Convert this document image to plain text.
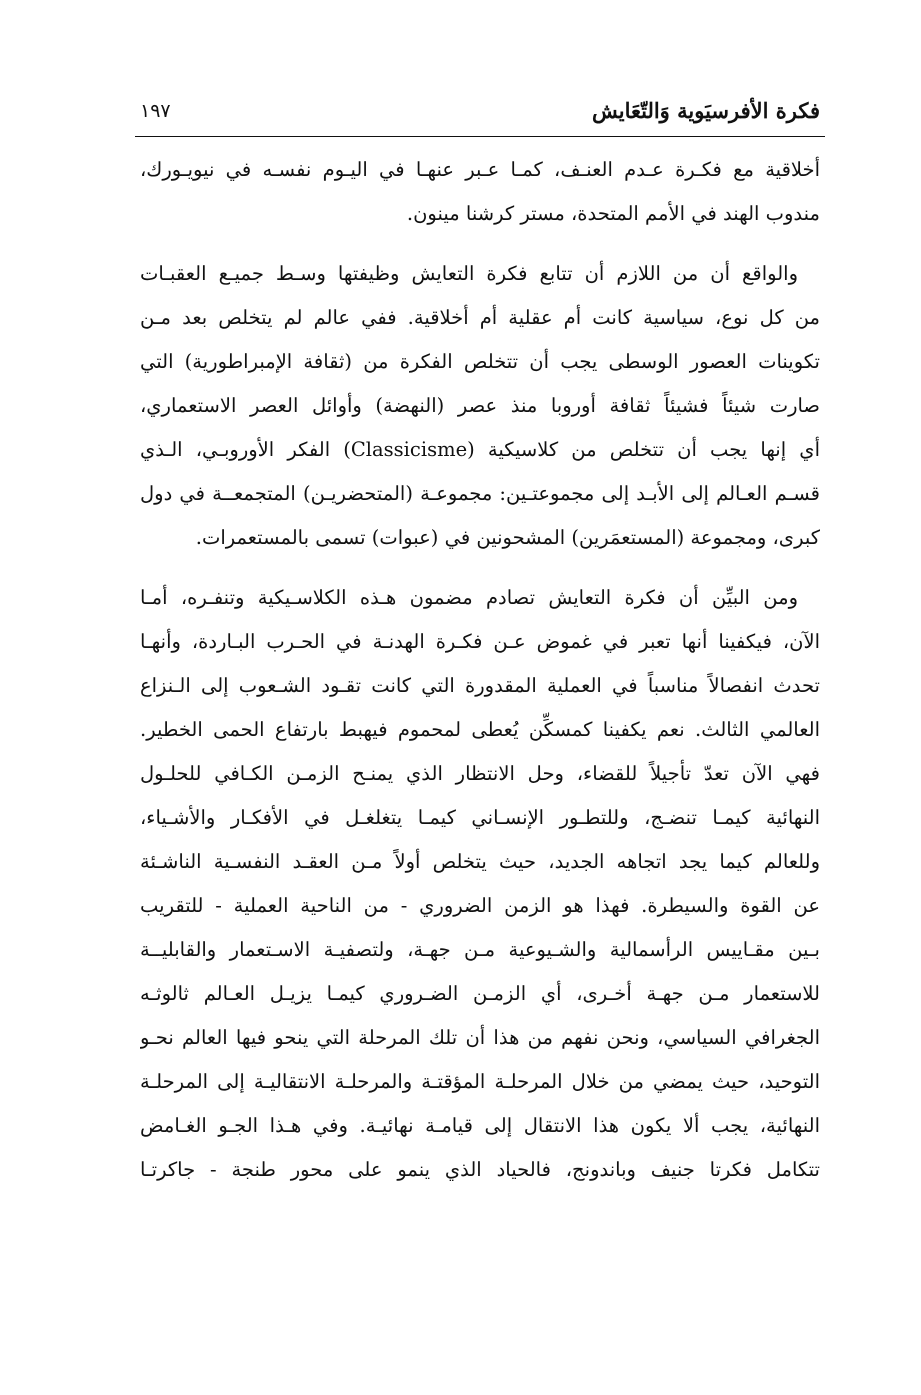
فكرة الأفرسيَوية وَالتّعَايش
١٩٧
أخلاقية مع فكـرة عـدم العنـف، كمـا عـبر عنهـا في اليـوم نفسـه في نيويـورك،
مندوب الهند في الأمم المتحدة، مستر كرشنا مينون.
والواقع أن من اللازم أن تتابع فكرة التعايش وظيفتها وسـط جميـع العقبـات
من كل نوع، سياسية كانت أم عقلية أم أخلاقية. ففي عالم لم يتخلص بعد مـن
تكوينات العصور الوسطى يجب أن تتخلص الفكرة من (ثقافة الإمبراطورية) التي
صارت شيئاً فشيئاً ثقافة أوروبا منذ عصر (النهضة) وأوائل العصر الاستعماري،
أي إنها يجب أن تتخلص من كلاسيكية (Classicisme) الفكر الأوروبـي، الـذي
قسـم العـالم إلى الأبـد إلى مجموعتـين: مجموعـة (المتحضريـن) المتجمعــة في دول
كبرى، ومجموعة (المستعمَرين) المشحونين في (عبوات) تسمى بالمستعمرات.
ومن البيِّن أن فكرة التعايش تصادم مضمون هـذه الكلاسـيكية وتنفـره، أمـا
الآن، فيكفينا أنها تعبر في غموض عـن فكـرة الهدنـة في الحـرب البـاردة، وأنهـا
تحدث انفصالاً مناسباً في العملية المقدورة التي كانت تقـود الشـعوب إلى الـنزاع
العالمي الثالث. نعم يكفينا كمسكِّن يُعطى لمحموم فيهبط بارتفاع الحمى الخطير.
فهي الآن تعدّ تأجيلاً للقضاء، وحل الانتظار الذي يمنـح الزمـن الكـافي للحلـول
النهائية كيمـا تنضـج، وللتطـور الإنسـاني كيمـا يتغلغـل في الأفكـار والأشـياء،
وللعالم كيما يجد اتجاهه الجديد، حيث يتخلص أولاً مـن العقـد النفسـية الناشـئة
عن القوة والسيطرة. فهذا هو الزمن الضروري - من الناحية العملية - للتقريب
بـين مقـاييس الرأسمالية والشـيوعية مـن جهـة، ولتصفيـة الاسـتعمار والقابليــة
للاستعمار مـن جهـة أخـرى، أي الزمـن الضـروري كيمـا يزيـل العـالم ثالوثـه
الجغرافي السياسي، ونحن نفهم من هذا أن تلك المرحلة التي ينحو فيها العالم نحـو
التوحيد، حيث يمضي من خلال المرحلـة المؤقتـة والمرحلـة الانتقاليـة إلى المرحلـة
النهائية، يجب ألا يكون هذا الانتقال إلى قيامـة نهائيـة. وفي هـذا الجـو الغـامض
تتكامل فكرتا جنيف وباندونج، فالحياد الذي ينمو على محور طنجة - جاكرتـا
